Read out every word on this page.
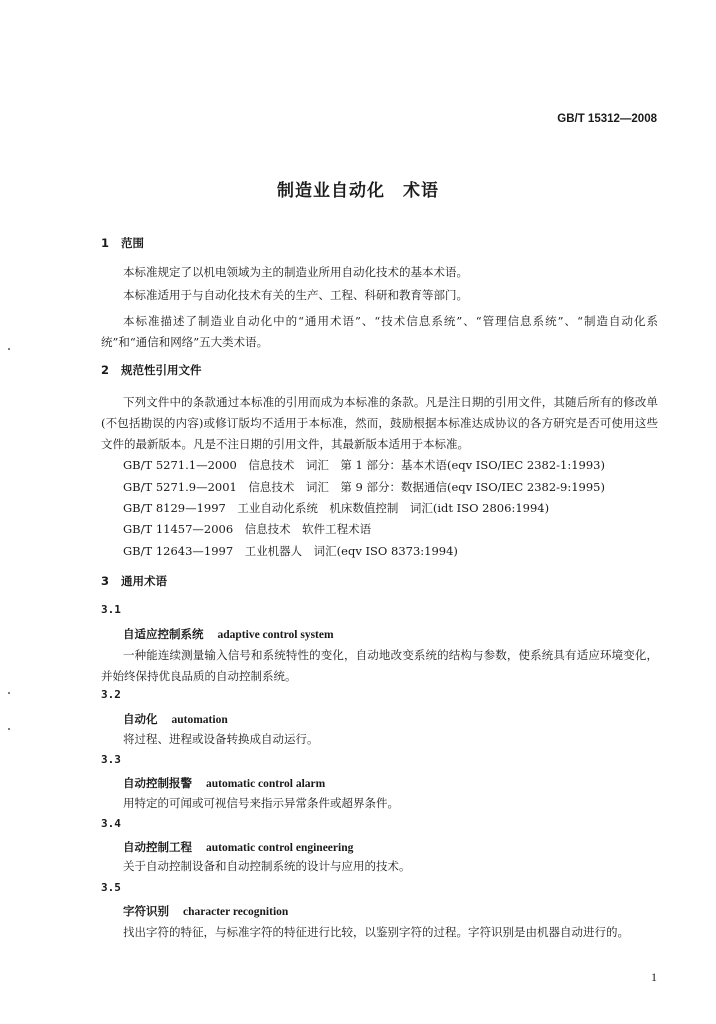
GB/T 15312—2008
制造业自动化　术语
1 范围
本标准规定了以机电领域为主的制造业所用自动化技术的基本术语。
本标准适用于与自动化技术有关的生产、工程、科研和教育等部门。
本标准描述了制造业自动化中的“通用术语”、“技术信息系统”、“管理信息系统”、“制造自动化系统”和“通信和网络”五大类术语。
2 规范性引用文件
下列文件中的条款通过本标准的引用而成为本标准的条款。凡是注日期的引用文件，其随后所有的修改单(不包括勘误的内容)或修订版均不适用于本标准，然而，鼓励根据本标准达成协议的各方研究是否可使用这些文件的最新版本。凡是不注日期的引用文件，其最新版本适用于本标准。
GB/T 5271.1—2000　信息技术　词汇　第 1 部分：基本术语(eqv ISO/IEC 2382-1:1993)
GB/T 5271.9—2001　信息技术　词汇　第 9 部分：数据通信(eqv ISO/IEC 2382-9:1995)
GB/T 8129—1997　工业自动化系统　机床数值控制　词汇(idt ISO 2806:1994)
GB/T 11457—2006　信息技术　软件工程术语
GB/T 12643—1997　工业机器人　词汇(eqv ISO 8373:1994)
3 通用术语
3.1
自适应控制系统 adaptive control system
一种能连续测量输入信号和系统特性的变化，自动地改变系统的结构与参数，使系统具有适应环境变化，并始终保持优良品质的自动控制系统。
3.2
自动化 automation
将过程、进程或设备转换成自动运行。
3.3
自动控制报警 automatic control alarm
用特定的可闻或可视信号来指示异常条件或超界条件。
3.4
自动控制工程 automatic control engineering
关于自动控制设备和自动控制系统的设计与应用的技术。
3.5
字符识别 character recognition
找出字符的特征，与标准字符的特征进行比较，以鉴别字符的过程。字符识别是由机器自动进行的。
1
